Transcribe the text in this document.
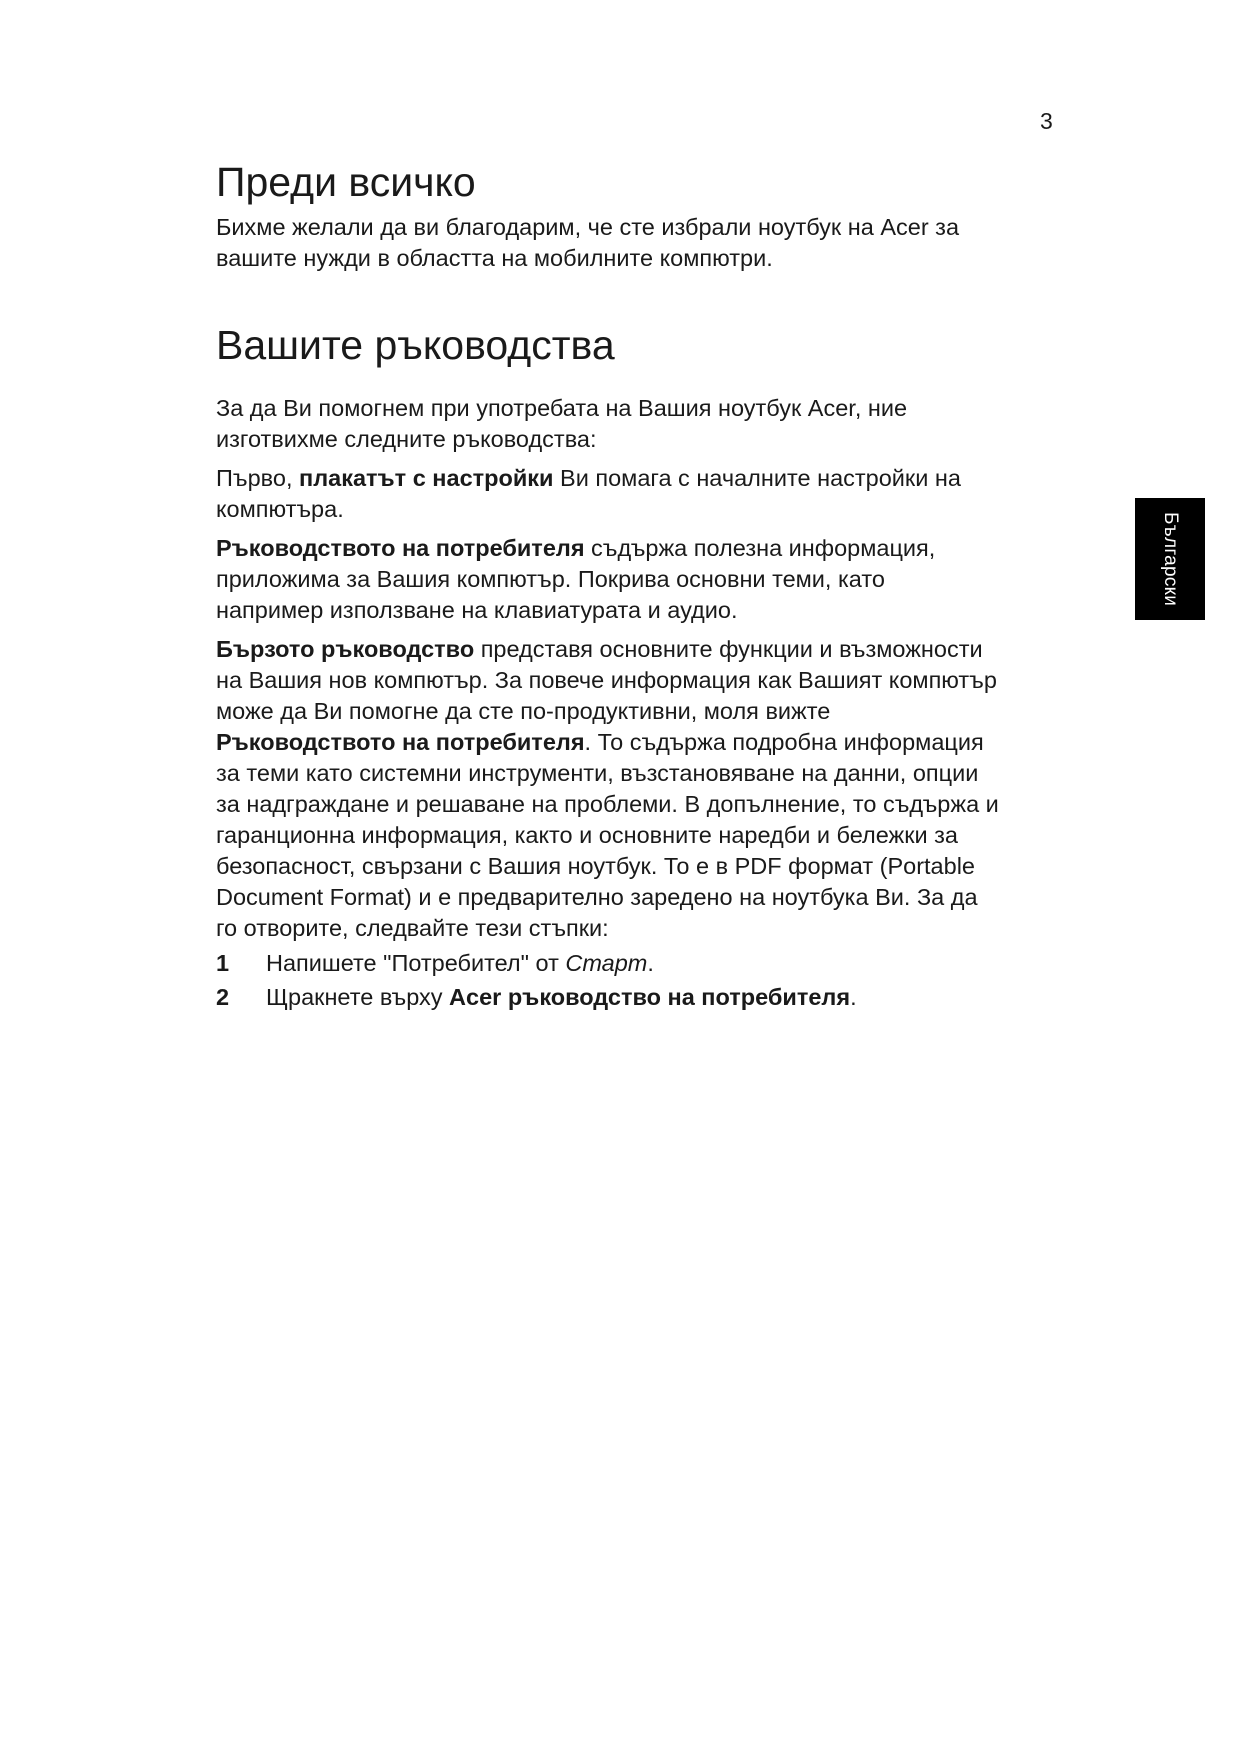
3
Български
Преди всичко

Бихме желали да ви благодарим, че сте избрали ноутбук на Acer за
вашите нужди в областта на мобилните компютри.

Вашите ръководства

За да Ви помогнем при употребата на Вашия ноутбук Acer, ние
изготвихме следните ръководства:

Първо, плакатът с настройки Ви помага с началните настройки на
компютъра.

Ръководството на потребителя съдържа полезна информация,
приложима за Вашия компютър. Покрива основни теми, като
например използване на клавиатурата и аудио.

Бързото ръководство представя основните функции и възможности
на Вашия нов компютър. За повече информация как Вашият компютър
може да Ви помогне да сте по-продуктивни, моля вижте
Ръководството на потребителя. То съдържа подробна информация
за теми като системни инструменти, възстановяване на данни, опции
за надграждане и решаване на проблеми. В допълнение, то съдържа и
гаранционна информация, както и основните наредби и бележки за
безопасност, свързани с Вашия ноутбук. То е в PDF формат (Portable
Document Format) и е предварително заредено на ноутбука Ви. За да
го отворите, следвайте тези стъпки:

1	Напишете "Потребител" от Старт.
2	Щракнете върху Acer ръководство на потребителя.
